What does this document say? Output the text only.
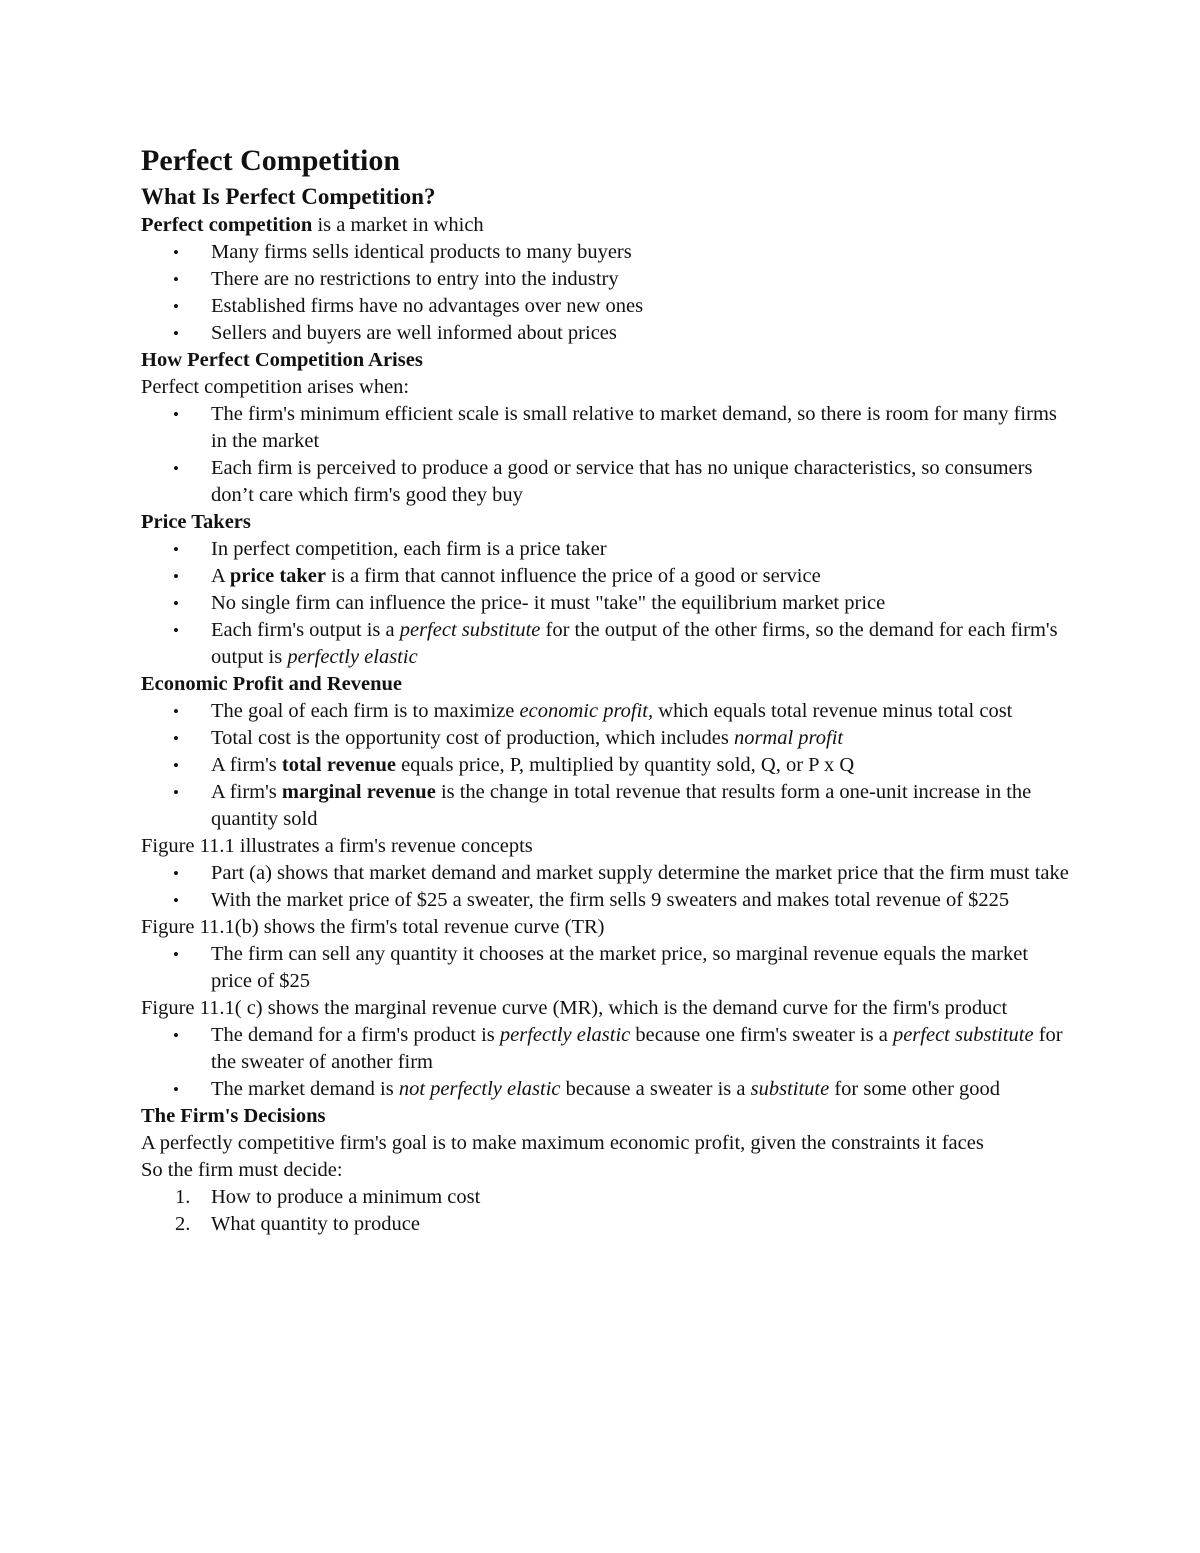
Perfect Competition
What Is Perfect Competition?

Perfect competition is a market in which

• Many firms sells identical products to many buyers
• There are no restrictions to entry into the industry
• Established firms have no advantages over new ones
• Sellers and buyers are well informed about prices
How Perfect Competition Arises

Perfect competition arises when:

• The firm's minimum efficient scale is small relative to market demand, so there is room for many firms in the market
• Each firm is perceived to produce a good or service that has no unique characteristics, so consumers don’t care which firm's good they buy
Price Takers
• In perfect competition, each firm is a price taker
• A price taker is a firm that cannot influence the price of a good or service
• No single firm can influence the price- it must "take" the equilibrium market price
• Each firm's output is a perfect substitute for the output of the other firms, so the demand for each firm's output is perfectly elastic
Economic Profit and Revenue
• The goal of each firm is to maximize economic profit, which equals total revenue minus total cost
• Total cost is the opportunity cost of production, which includes normal profit
• A firm's total revenue equals price, P, multiplied by quantity sold, Q, or P x Q
• A firm's marginal revenue is the change in total revenue that results form a one-unit increase in the quantity sold

Figure 11.1 illustrates a firm's revenue concepts

• Part (a) shows that market demand and market supply determine the market price that the firm must take
• With the market price of $25 a sweater, the firm sells 9 sweaters and makes total revenue of $225

Figure 11.1(b) shows the firm's total revenue curve (TR)

• The firm can sell any quantity it chooses at the market price, so marginal revenue equals the market price of $25

Figure 11.1( c) shows the marginal revenue curve (MR), which is the demand curve for the firm's product

• The demand for a firm's product is perfectly elastic because one firm's sweater is a perfect substitute for the sweater of another firm
• The market demand is not perfectly elastic because a sweater is a substitute for some other good
The Firm's Decisions

A perfectly competitive firm's goal is to make maximum economic profit, given the constraints it faces

So the firm must decide:

1. How to produce a minimum cost
2. What quantity to produce
